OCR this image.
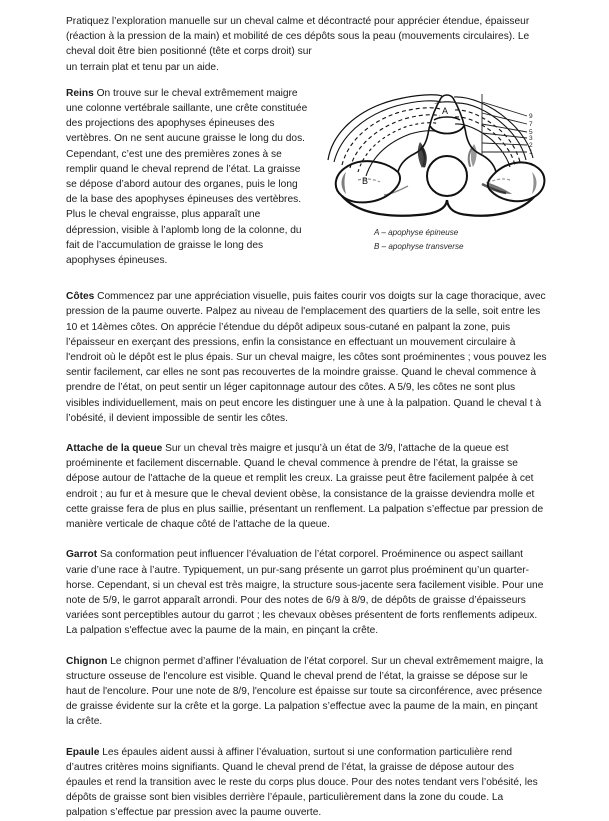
Pratiquez l’exploration manuelle sur un cheval calme et décontracté pour apprécier étendue, épaisseur (réaction à la pression de la main) et mobilité de ces dépôts sous la peau (mouvements circulaires). Le cheval doit être bien positionné (tête et corps droit) sur
un terrain plat et tenu par un aide.

9
7
5
3
2
1
A
B
A – apophyse épineuse
B – apophyse transverse

Reins On trouve sur le cheval extrêmement maigre une colonne vertébrale saillante, une crête constituée des projections des apophyses épineuses des vertèbres. On ne sent aucune graisse le long du dos. Cependant, c’est une des premières zones à se remplir quand le cheval reprend de l’état. La graisse se dépose d’abord autour des organes, puis le long de la base des apophyses épineuses des vertèbres. Plus le cheval engraisse, plus apparaît une dépression, visible à l’aplomb long de la colonne, du fait de l’accumulation de graisse le long des apophyses épineuses.

Côtes Commencez par une appréciation visuelle, puis faites courir vos doigts sur la cage thoracique, avec pression de la paume ouverte. Palpez au niveau de l'emplacement des quartiers de la selle, soit entre les 10 et 14èmes côtes. On apprécie l’étendue du dépôt adipeux sous-cutané en palpant la zone, puis l’épaisseur en exerçant des pressions, enfin la consistance en effectuant un mouvement circulaire à l'endroit où le dépôt est le plus épais. Sur un cheval maigre, les côtes sont proéminentes ; vous pouvez les sentir facilement, car elles ne sont pas recouvertes de la moindre graisse. Quand le cheval commence à prendre de l’état, on peut sentir un léger capitonnage autour des côtes. A 5/9, les côtes ne sont plus visibles individuellement, mais on peut encore les distinguer une à une à la palpation. Quand le cheval t à l’obésité, il devient impossible de sentir les côtes.

Attache de la queue Sur un cheval très maigre et jusqu’à un état de 3/9, l'attache de la queue est proéminente et facilement discernable. Quand le cheval commence à prendre de l’état, la graisse se dépose autour de l'attache de la queue et remplit les creux. La graisse peut être facilement palpée à cet endroit ; au fur et à mesure que le cheval devient obèse, la consistance de la graisse deviendra molle et cette graisse fera de plus en plus saillie, présentant un renflement. La palpation s’effectue par pression de manière verticale de chaque côté de l’attache de la queue.

Garrot Sa conformation peut influencer l’évaluation de l’état corporel. Proéminence ou aspect saillant varie d’une race à l’autre. Typiquement, un pur-sang présente un garrot plus proéminent qu’un quarter-horse. Cependant, si un cheval est très maigre, la structure sous-jacente sera facilement visible. Pour une note de 5/9, le garrot apparaît arrondi. Pour des notes de 6/9 à 8/9, de dépôts de graisse d’épaisseurs variées sont perceptibles autour du garrot ; les chevaux obèses présentent de forts renflements adipeux. La palpation s'effectue avec la paume de la main, en pinçant la crête.

Chignon Le chignon permet d’affiner l’évaluation de l’état corporel. Sur un cheval extrêmement maigre, la structure osseuse de l'encolure est visible. Quand le cheval prend de l’état, la graisse se dépose sur le haut de l'encolure. Pour une note de 8/9, l'encolure est épaisse sur toute sa circonférence, avec présence de graisse évidente sur la crête et la gorge. La palpation s’effectue avec la paume de la main, en pinçant la crête.

Epaule Les épaules aident aussi à affiner l’évaluation, surtout si une conformation particulière rend d’autres critères moins signifiants. Quand le cheval prend de l’état, la graisse de dépose autour des épaules et rend la transition avec le reste du corps plus douce. Pour des notes tendant vers l’obésité, les dépôts de graisse sont bien visibles derrière l’épaule, particulièrement dans la zone du coude. La palpation s’effectue par pression avec la paume ouverte.
